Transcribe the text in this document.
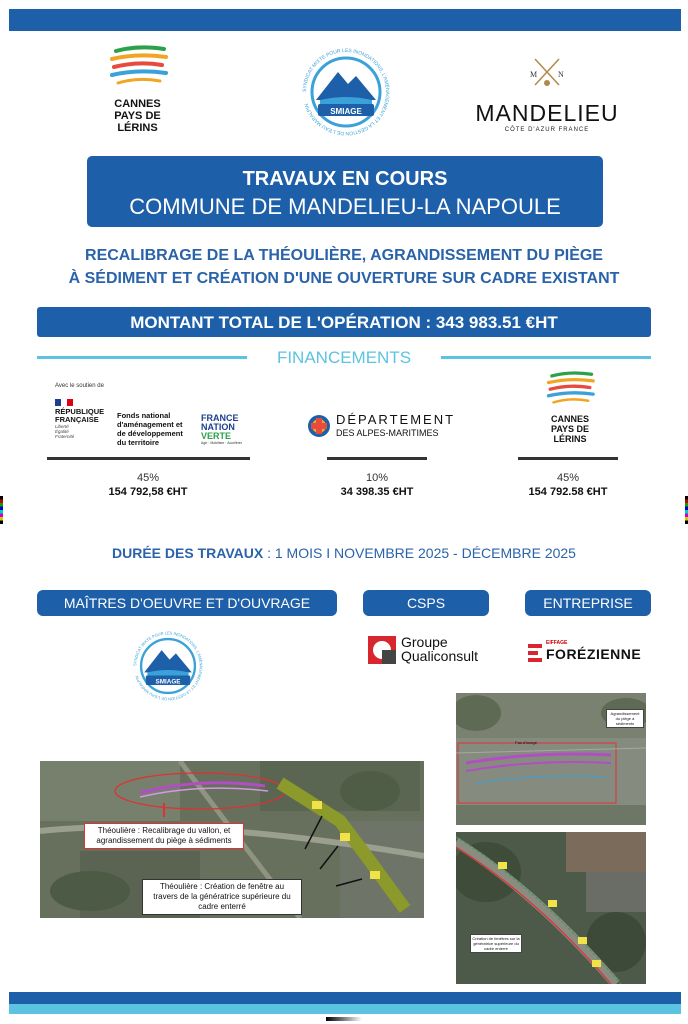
CANNES
PAYS DE
LÉRINS
SMIAGE
SYNDICAT MIXTE POUR LES INONDATIONS, L'AMÉNAGEMENT ET LA GESTION DE L'EAU MARALPIN
M	N
MANDELIEU
CÔTE D'AZUR FRANCE
TRAVAUX EN COURS
COMMUNE DE MANDELIEU-LA NAPOULE
RECALIBRAGE DE LA THÉOULIÈRE, AGRANDISSEMENT DU PIÈGE
À SÉDIMENT ET CRÉATION D'UNE OUVERTURE SUR CADRE EXISTANT
MONTANT TOTAL DE L'OPÉRATION : 343 983.51 €HT
FINANCEMENTS
Avec le soutien de
RÉPUBLIQUE
FRANÇAISE
Liberté
Égalité
Fraternité
Fonds national
d'aménagement et
de développement
du territoire
FRANCE
NATION
VERTE
Agir · Mobiliser · Accélérer
DÉPARTEMENT
DES ALPES-MARITIMES
CANNES
PAYS DE
LÉRINS
45%
154 792,58 €HT
10%
34 398.35 €HT
45%
154 792.58 €HT
DURÉE DES TRAVAUX : 1 MOIS I NOVEMBRE 2025 - DÉCEMBRE 2025
MAÎTRES D'OEUVRE ET D'OUVRAGE	CSPS	ENTREPRISE
SMIAGE
SYNDICAT MIXTE POUR LES INONDATIONS, L'AMÉNAGEMENT ET LA GESTION DE L'EAU MARALPIN
Groupe
Qualiconsult
EIFFAGE
FORÉZIENNE
Théoulière : Recalibrage du vallon, et agrandissement du piège à sédiments
Théoulière : Création de fenêtre au travers de la génératrice supérieure du cadre enterré
Agrandissement du piège à sédiments
Pas d'image
Création de fenêtres sur la génératrice supérieure du cadre enterré
